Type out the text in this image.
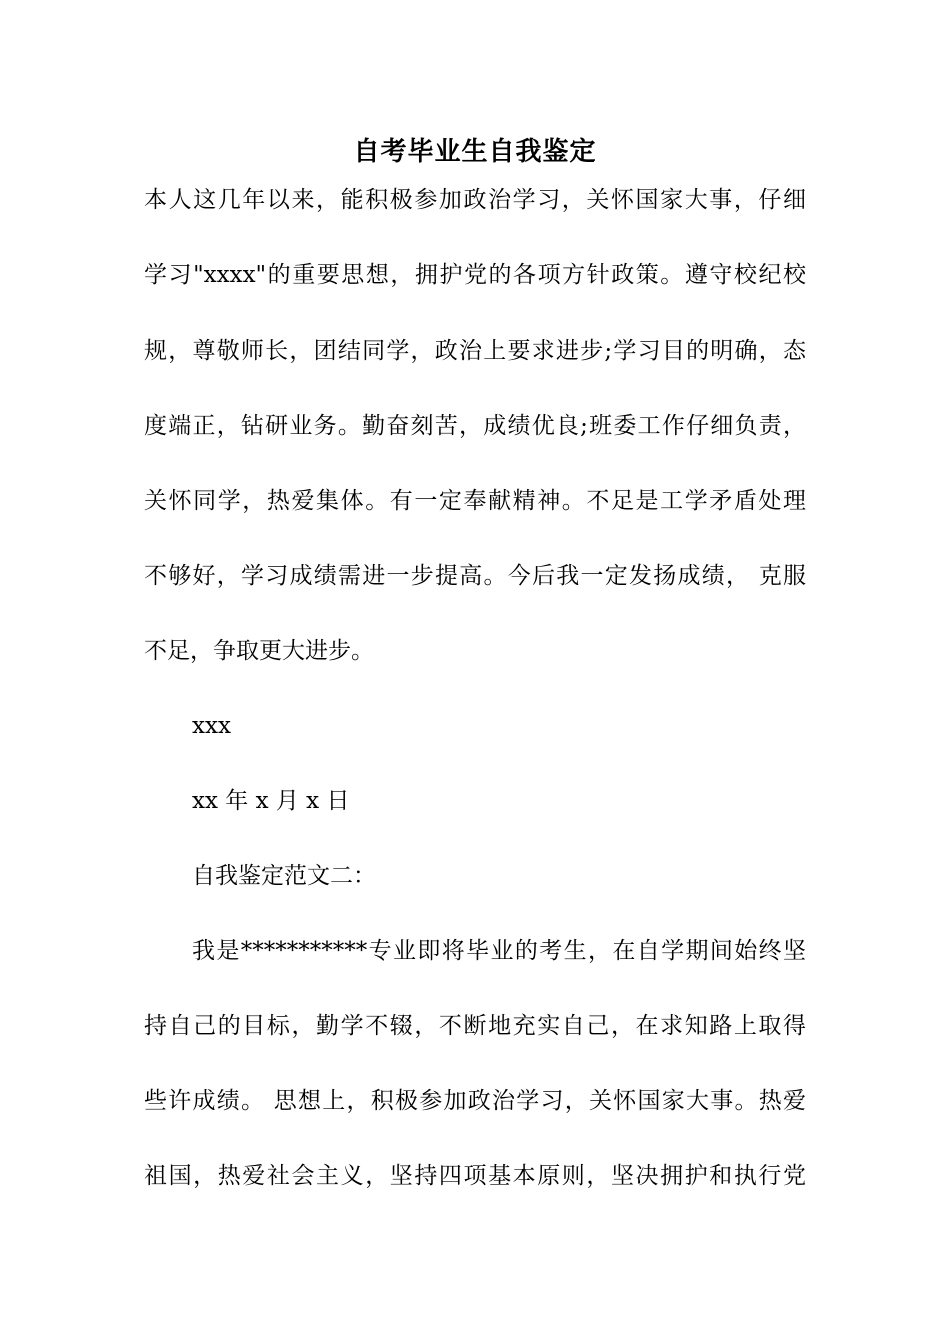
自考毕业生自我鉴定
本人这几年以来，能积极参加政治学习，关怀国家大事，仔细
学习"xxxx"的重要思想，拥护党的各项方针政策。遵守校纪校
规，尊敬师长，团结同学，政治上要求进步;学习目的明确，态
度端正，钻研业务。勤奋刻苦，成绩优良;班委工作仔细负责，
关怀同学，热爱集体。有一定奉献精神。不足是工学矛盾处理
不够好，学习成绩需进一步提高。今后我一定发扬成绩， 克服
不足，争取更大进步。
xxx
xx 年 x 月 x 日
自我鉴定范文二：
我是***********专业即将毕业的考生，在自学期间始终坚
持自己的目标，勤学不辍，不断地充实自己，在求知路上取得
些许成绩。 思想上，积极参加政治学习，关怀国家大事。热爱
祖国，热爱社会主义，坚持四项基本原则，坚决拥护和执行党
